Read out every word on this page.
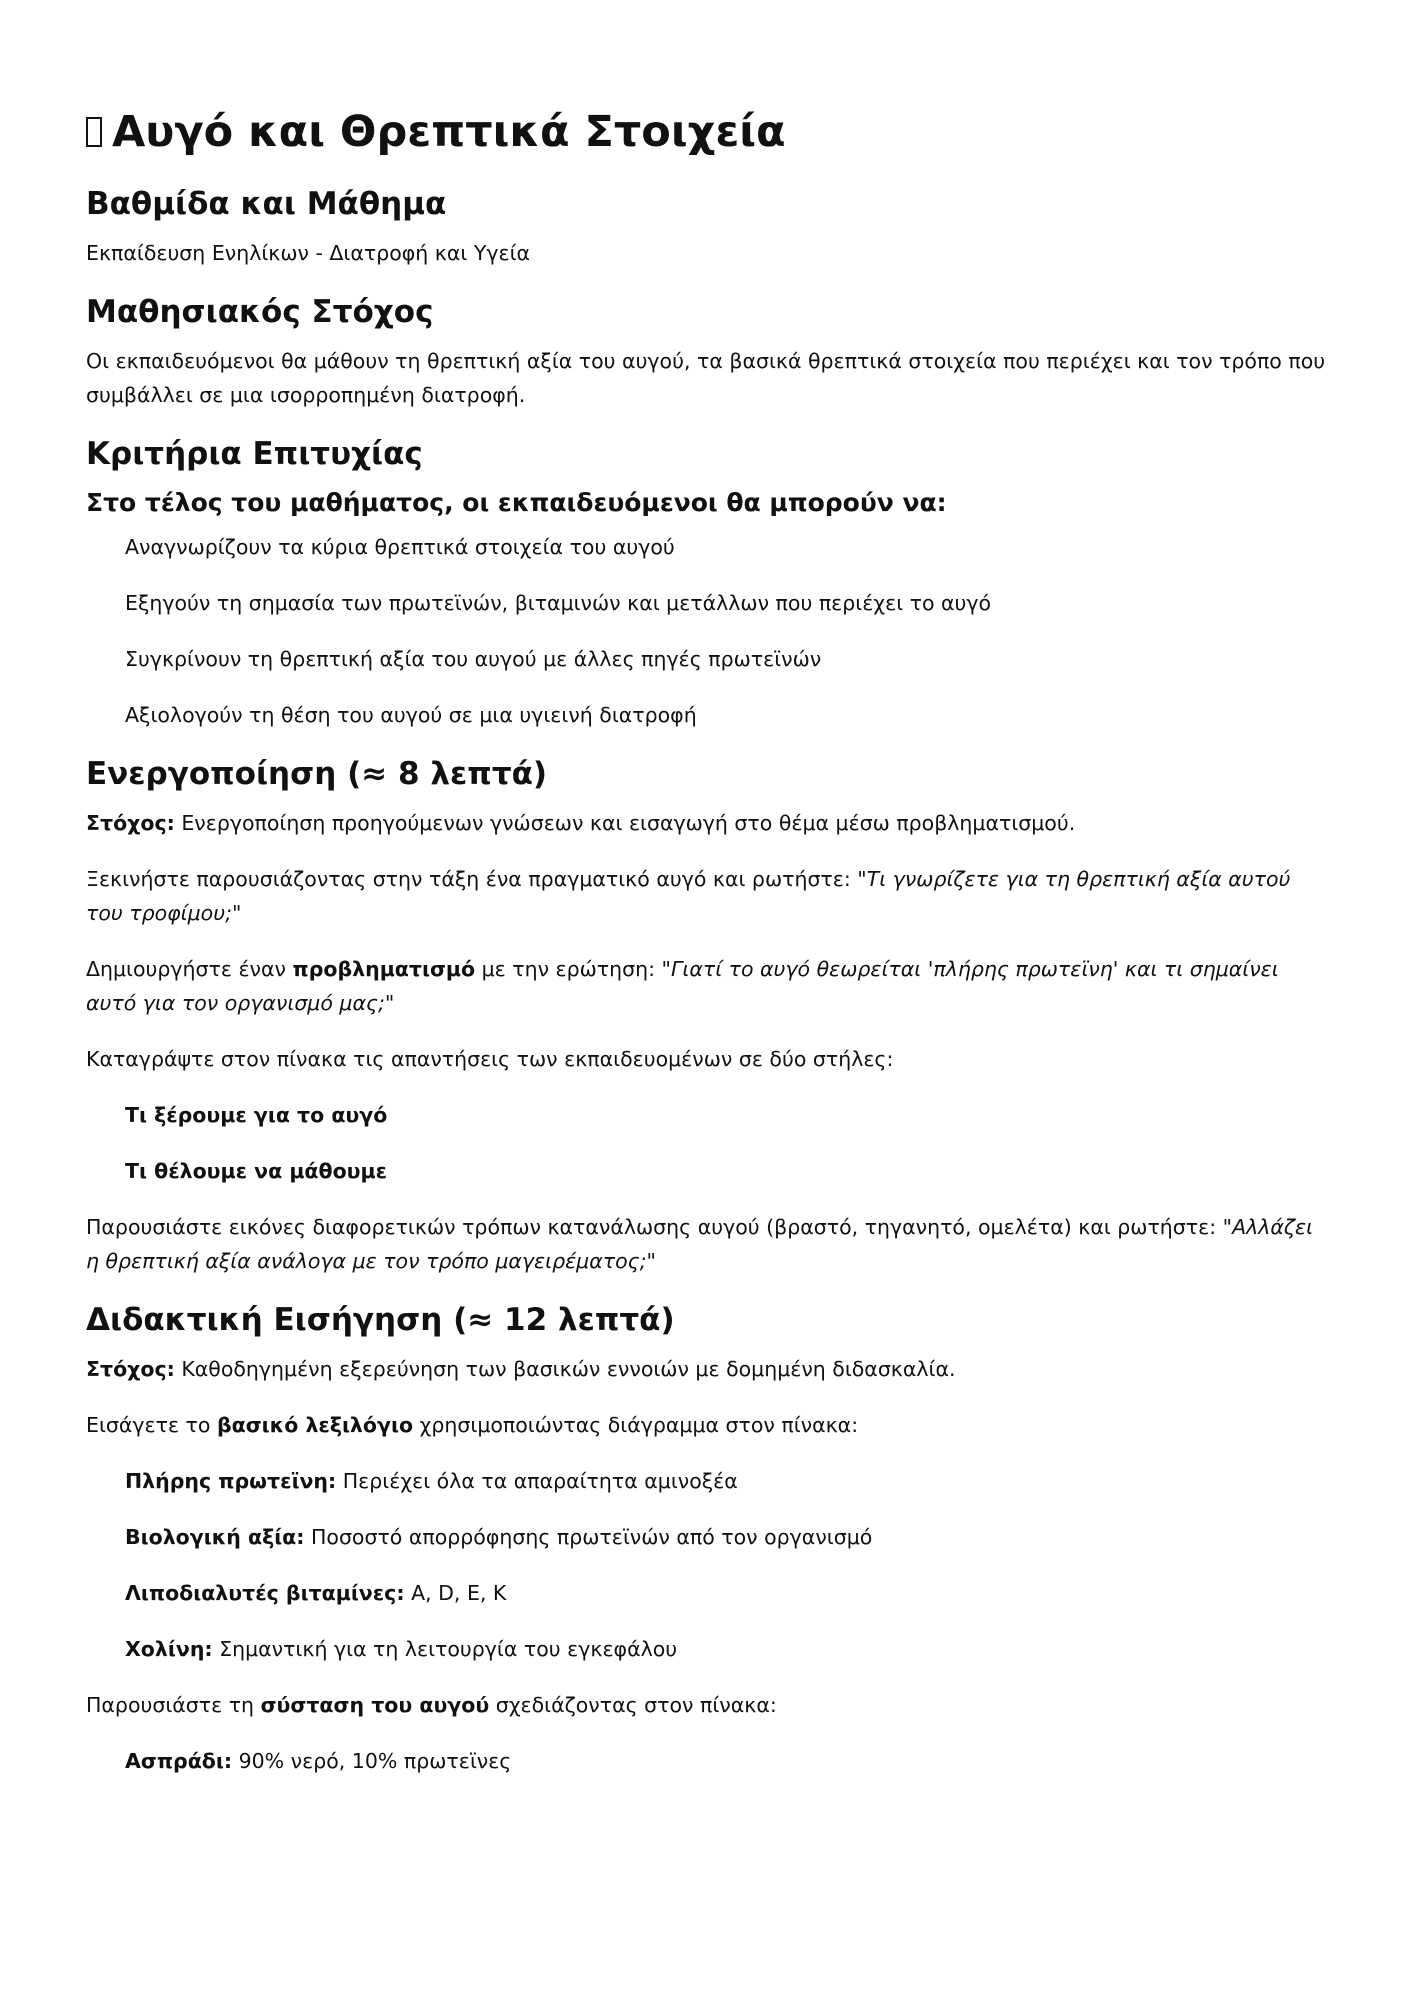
Αυγό και Θρεπτικά Στοιχεία
Βαθμίδα και Μάθημα

Εκπαίδευση Ενηλίκων - Διατροφή και Υγεία

Μαθησιακός Στόχος

Οι εκπαιδευόμενοι θα μάθουν τη θρεπτική αξία του αυγού, τα βασικά θρεπτικά στοιχεία που περιέχει και τον τρόπο που συμβάλλει σε μια ισορροπημένη διατροφή.

Κριτήρια Επιτυχίας
Στο τέλος του μαθήματος, οι εκπαιδευόμενοι θα μπορούν να:
Αναγνωρίζουν τα κύρια θρεπτικά στοιχεία του αυγού
Εξηγούν τη σημασία των πρωτεϊνών, βιταμινών και μετάλλων που περιέχει το αυγό
Συγκρίνουν τη θρεπτική αξία του αυγού με άλλες πηγές πρωτεϊνών
Αξιολογούν τη θέση του αυγού σε μια υγιεινή διατροφή
Ενεργοποίηση (≈ 8 λεπτά)

Στόχος: Ενεργοποίηση προηγούμενων γνώσεων και εισαγωγή στο θέμα μέσω προβληματισμού.

Ξεκινήστε παρουσιάζοντας στην τάξη ένα πραγματικό αυγό και ρωτήστε: "Τι γνωρίζετε για τη θρεπτική αξία αυτού του τροφίμου;"

Δημιουργήστε έναν προβληματισμό με την ερώτηση: "Γιατί το αυγό θεωρείται 'πλήρης πρωτεϊνη' και τι σημαίνει αυτό για τον οργανισμό μας;"

Καταγράψτε στον πίνακα τις απαντήσεις των εκπαιδευομένων σε δύο στήλες:

Τι ξέρουμε για το αυγό
Τι θέλουμε να μάθουμε

Παρουσιάστε εικόνες διαφορετικών τρόπων κατανάλωσης αυγού (βραστό, τηγανητό, ομελέτα) και ρωτήστε: "Αλλάζει η θρεπτική αξία ανάλογα με τον τρόπο μαγειρέματος;"

Διδακτική Εισήγηση (≈ 12 λεπτά)

Στόχος: Καθοδηγημένη εξερεύνηση των βασικών εννοιών με δομημένη διδασκαλία.

Εισάγετε το βασικό λεξιλόγιο χρησιμοποιώντας διάγραμμα στον πίνακα:

Πλήρης πρωτεϊνη: Περιέχει όλα τα απαραίτητα αμινοξέα
Βιολογική αξία: Ποσοστό απορρόφησης πρωτεϊνών από τον οργανισμό
Λιποδιαλυτές βιταμίνες: A, D, E, K
Χολίνη: Σημαντική για τη λειτουργία του εγκεφάλου

Παρουσιάστε τη σύσταση του αυγού σχεδιάζοντας στον πίνακα:

Ασπράδι: 90% νερό, 10% πρωτεϊνες
